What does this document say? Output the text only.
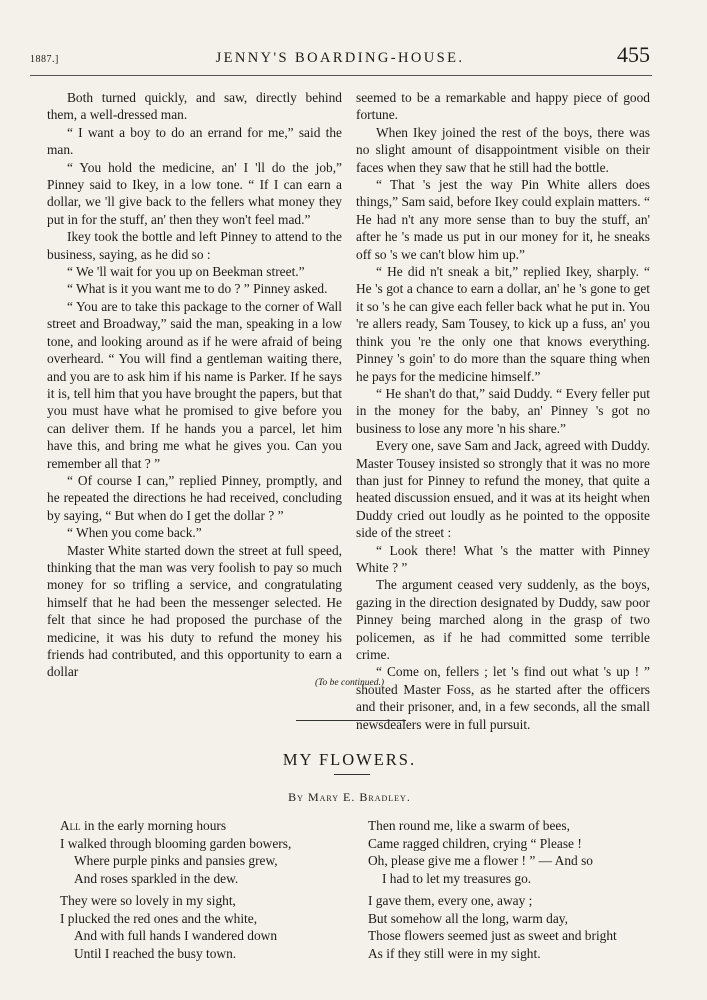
1887.]	JENNY'S BOARDING-HOUSE.	455

Both turned quickly, and saw, directly behind them, a well-dressed man.

“ I want a boy to do an errand for me,” said the man.

“ You hold the medicine, an' I 'll do the job,” Pinney said to Ikey, in a low tone. “ If I can earn a dollar, we 'll give back to the fellers what money they put in for the stuff, an' then they won't feel mad.”

Ikey took the bottle and left Pinney to attend to the business, saying, as he did so :

“ We 'll wait for you up on Beekman street.”

“ What is it you want me to do ? ” Pinney asked.

“ You are to take this package to the corner of Wall street and Broadway,” said the man, speaking in a low tone, and looking around as if he were afraid of being overheard. “ You will find a gentleman waiting there, and you are to ask him if his name is Parker. If he says it is, tell him that you have brought the papers, but that you must have what he promised to give before you can deliver them. If he hands you a parcel, let him have this, and bring me what he gives you. Can you remember all that ? ”

“ Of course I can,” replied Pinney, promptly, and he repeated the directions he had received, concluding by saying, “ But when do I get the dollar ? ”

“ When you come back.”

Master White started down the street at full speed, thinking that the man was very foolish to pay so much money for so trifling a service, and congratulating himself that he had been the messenger selected. He felt that since he had proposed the purchase of the medicine, it was his duty to refund the money his friends had contributed, and this opportunity to earn a dollar

seemed to be a remarkable and happy piece of good fortune.

When Ikey joined the rest of the boys, there was no slight amount of disappointment visible on their faces when they saw that he still had the bottle.

“ That 's jest the way Pin White allers does things,” Sam said, before Ikey could explain matters. “ He had n't any more sense than to buy the stuff, an' after he 's made us put in our money for it, he sneaks off so 's we can't blow him up.”

“ He did n't sneak a bit,” replied Ikey, sharply. “ He 's got a chance to earn a dollar, an' he 's gone to get it so 's he can give each feller back what he put in. You 're allers ready, Sam Tousey, to kick up a fuss, an' you think you 're the only one that knows everything. Pinney 's goin' to do more than the square thing when he pays for the medicine himself.”

“ He shan't do that,” said Duddy. “ Every feller put in the money for the baby, an' Pinney 's got no business to lose any more 'n his share.”

Every one, save Sam and Jack, agreed with Duddy. Master Tousey insisted so strongly that it was no more than just for Pinney to refund the money, that quite a heated discussion ensued, and it was at its height when Duddy cried out loudly as he pointed to the opposite side of the street :

“ Look there! What 's the matter with Pinney White ? ”

The argument ceased very suddenly, as the boys, gazing in the direction designated by Duddy, saw poor Pinney being marched along in the grasp of two policemen, as if he had committed some terrible crime.

“ Come on, fellers ; let 's find out what 's up ! ” shouted Master Foss, as he started after the officers and their prisoner, and, in a few seconds, all the small newsdealers were in full pursuit.

(To be continued.)
MY FLOWERS.
By Mary E. Bradley.
All in the early morning hours
I walked through blooming garden bowers,
Where purple pinks and pansies grew,
And roses sparkled in the dew.
They were so lovely in my sight,
I plucked the red ones and the white,
And with full hands I wandered down
Until I reached the busy town.
Then round me, like a swarm of bees,
Came ragged children, crying “ Please !
Oh, please give me a flower ! ” — And so
I had to let my treasures go.
I gave them, every one, away ;
But somehow all the long, warm day,
Those flowers seemed just as sweet and bright
As if they still were in my sight.
